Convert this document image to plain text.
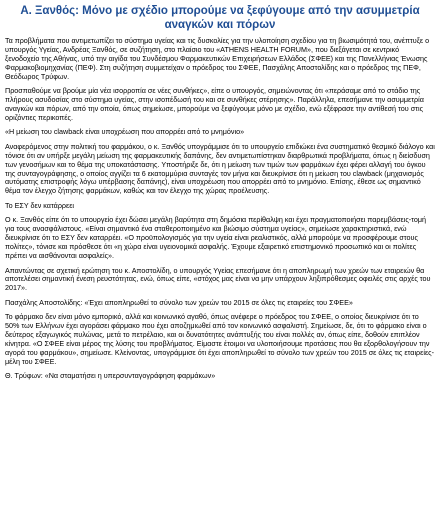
Α. Ξανθός: Μόνο με σχέδιο μπορούμε να ξεφύγουμε από την ασυμμετρία αναγκών και πόρων

Τα προβλήματα που αντιμετωπίζει το σύστημα υγείας και τις δυσκολίες για την υλοποίηση σχεδίου για τη βιωσιμότητά του, ανέπτυξε ο υπουργός Υγείας, Ανδρέας Ξανθός, σε συζήτηση, στο πλαίσιο του «ATHENS HEALTH FORUM», που διεξάγεται σε κεντρικό ξενοδοχείο της Αθήνας, υπό την αιγίδα του Συνδέσμου Φαρμακευτικών Επιχειρήσεων Ελλάδος (ΣΦΕΕ) και της Πανελλήνιας Ένωσης Φαρμακοβιομηχανίας (ΠΕΦ). Στη συζήτηση συμμετείχαν ο πρόεδρος του ΣΦΕΕ, Πασχάλης Αποστολίδης και ο πρόεδρος της ΠΕΦ, Θεόδωρος Τρύφων.

Προσπαθούμε να βρούμε μία νέα ισορροπία σε νέες συνθήκες», είπε ο υπουργός, σημειώνοντας ότι «περάσαμε από το στάδιο της πλήρους ασυδοσίας στο σύστημα υγείας, στην ισοπέδωσή του και σε συνθήκες στέρησης». Παράλληλα, επεσήμανε την ασυμμετρία αναγκών και πόρων, από την οποία, όπως σημείωσε, μπορούμε να ξεφύγουμε μόνο με σχέδιο, ενώ εξέφρασε την αντίθεσή του στις οριζόντιες περικοπές.

«Η μείωση του clawback είναι υποχρέωση που απορρέει από το μνημόνιο»

Αναφερόμενος στην πολιτική του φαρμάκου, ο κ. Ξανθός υπογράμμισε ότι το υπουργείο επιδιώκει ένα συστηματικό θεσμικό διάλογο και τόνισε ότι αν υπήρξε μεγάλη μείωση της φαρμακευτικής δαπάνης, δεν αντιμετωπίστηκαν διαρθρωτικά προβλήματα, όπως η διείσδυση των γενοσήμων και το θέμα της υποκατάστασης. Υποστήριξε δε, ότι η μείωση των τιμών των φαρμάκων έχει φέρει αλλαγή του όγκου της συνταγογράφησης, ο οποίος αγγίζει τα 6 εκατομμύρια συνταγές τον μήνα και διευκρίνισε ότι η μείωση του clawback (μηχανισμός αυτόματης επιστροφής λόγω υπέρβασης δαπάνης), είναι υποχρέωση που απορρέει από το μνημόνιο. Επίσης, έθεσε ως σημαντικό θέμα τον έλεγχο ζήτησης φαρμάκων, καθώς και τον έλεγχο της χώρας προέλευσης.

Το ΕΣΥ δεν κατάρρεει

Ο κ. Ξανθός είπε ότι το υπουργείο έχει δώσει μεγάλη βαρύτητα στη δημόσια περίθαλψη και έχει πραγματοποιήσει παρεμβάσεις-τομή για τους ανασφάλιστους. «Είναι σημαντικό ένα σταθεροποιημένο και βιώσιμο σύστημα υγείας», σημείωσε χαρακτηριστικά, ενώ διευκρίνισε ότι το ΕΣΥ δεν καταρρέει. «Ο προϋπολογισμός για την υγεία είναι ρεαλιστικός, αλλά μπορούμε να προσφέρουμε στους πολίτες», τόνισε και πρόσθεσε ότι «η χώρα είναι υγειονομικά ασφαλής. Έχουμε εξαιρετικό επιστημονικό προσωπικό και οι πολίτες πρέπει να αισθάνονται ασφαλείς».

Απαντώντας σε σχετική ερώτηση του κ. Αποστολίδη, ο υπουργός Υγείας επεσήμανε ότι η αποπληρωμή των χρεών των εταιρειών θα αποτελέσει σημαντική ένεση ρευστότητας, ενώ, όπως είπε, «στόχος μας είναι να μην υπάρχουν ληξιπρόθεσμες οφειλές στις αρχές του 2017».

Πασχάλης Αποστολίδης: «Έχει αποπληρωθεί το σύνολο των χρεών του 2015 σε όλες τις εταιρείες του ΣΦΕΕ»

Το φάρμακο δεν είναι μόνο εμπορικό, αλλά και κοινωνικό αγαθό, όπως ανέφερε ο πρόεδρος του ΣΦΕΕ, ο οποίος διευκρίνισε ότι το 50% των Ελλήνων έχει αγοράσει φάρμακο που έχει αποζημιωθεί από τον κοινωνικό ασφαλιστή. Σημείωσε, δε, ότι το φάρμακο είναι ο δεύτερος εξαγωγικός πυλώνας, μετά το πετρέλαιο, και οι δυνατότητες ανάπτυξής του είναι πολλές αν, όπως είπε, δοθούν επιπλέον κίνητρα. «Ο ΣΦΕΕ είναι μέρος της λύσης του προβλήματος. Είμαστε έτοιμοι να υλοποιήσουμε προτάσεις που θα εξορθολογήσουν την αγορά του φαρμάκου», σημείωσε. Κλείνοντας, υπογράμμισε ότι έχει αποπληρωθεί το σύνολο των χρεών του 2015 σε όλες τις εταιρείες-μέλη του ΣΦΕΕ.

Θ. Τρύφων: «Να σταματήσει η υπερσυνταγογράφηση φαρμάκων»
